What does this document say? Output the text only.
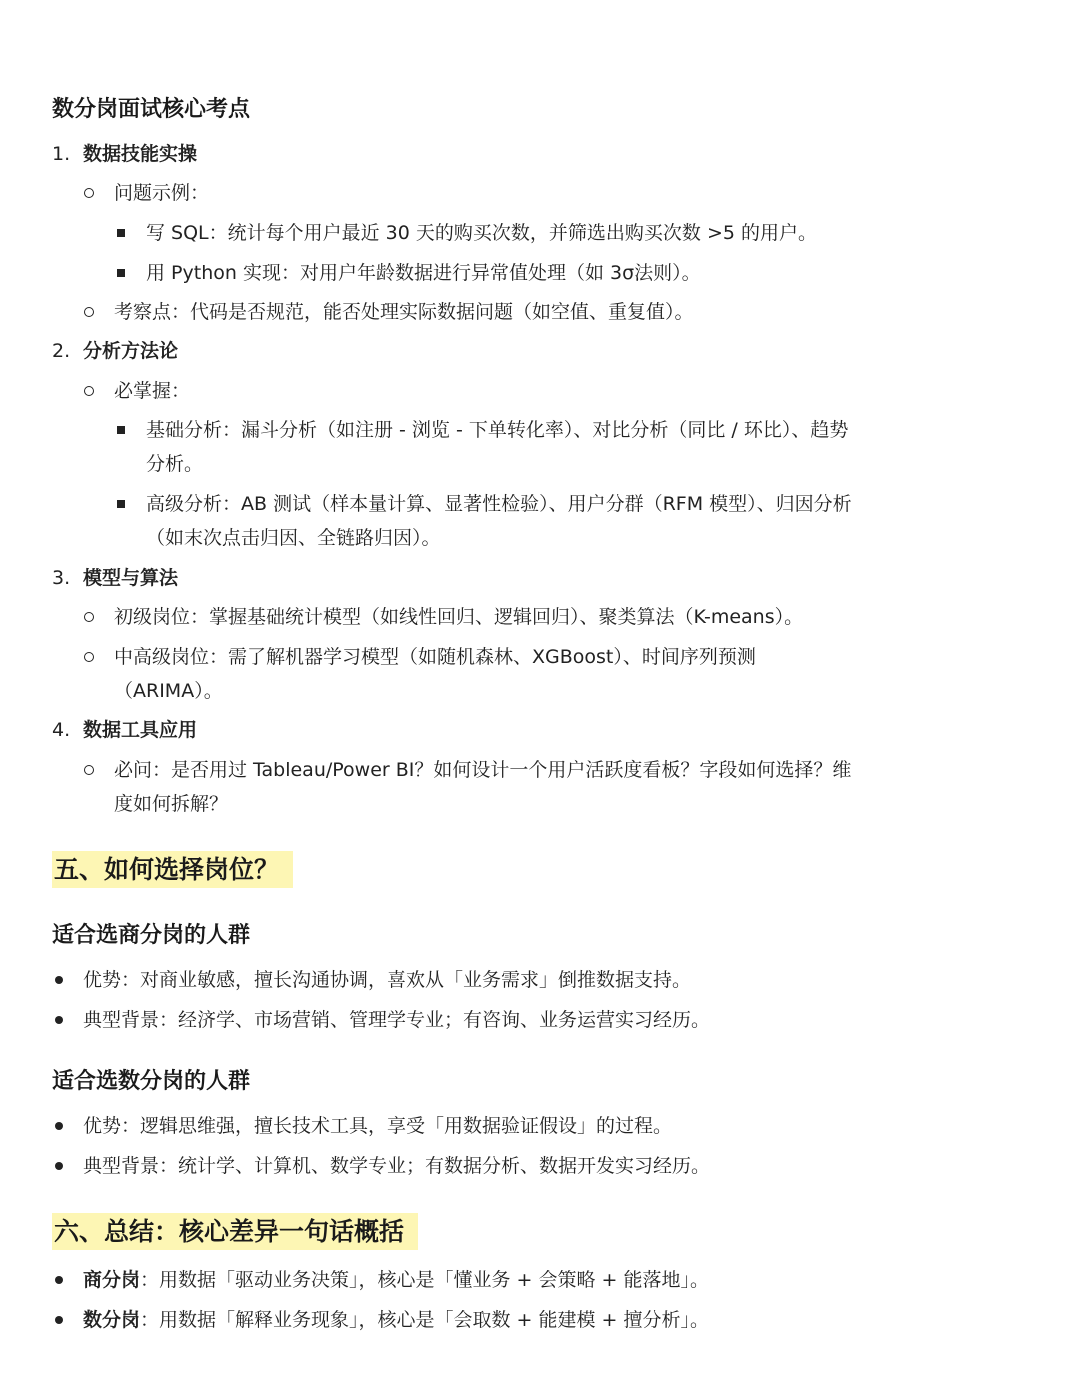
数分岗面试核心考点
1. 数据技能实操
问题示例：
写 SQL：统计每个用户最近 30 天的购买次数，并筛选出购买次数 >5 的用户。
用 Python 实现：对用户年龄数据进行异常值处理（如 3σ法则）。
考察点：代码是否规范，能否处理实际数据问题（如空值、重复值）。
2. 分析方法论
必掌握：
基础分析：漏斗分析（如注册 - 浏览 - 下单转化率）、对比分析（同比 / 环比）、趋势
分析。
高级分析：AB 测试（样本量计算、显著性检验）、用户分群（RFM 模型）、归因分析
（如末次点击归因、全链路归因）。
3. 模型与算法
初级岗位：掌握基础统计模型（如线性回归、逻辑回归）、聚类算法（K-means）。
中高级岗位：需了解机器学习模型（如随机森林、XGBoost）、时间序列预测
（ARIMA）。
4. 数据工具应用
必问：是否用过 Tableau/Power BI？如何设计一个用户活跃度看板？字段如何选择？维
度如何拆解？
五、如何选择岗位？
适合选商分岗的人群
优势：对商业敏感，擅长沟通协调，喜欢从「业务需求」倒推数据支持。
典型背景：经济学、市场营销、管理学专业；有咨询、业务运营实习经历。
适合选数分岗的人群
优势：逻辑思维强，擅长技术工具，享受「用数据验证假设」的过程。
典型背景：统计学、计算机、数学专业；有数据分析、数据开发实习经历。
六、总结：核心差异一句话概括
商分岗：用数据「驱动业务决策」，核心是「懂业务 + 会策略 + 能落地」。
数分岗：用数据「解释业务现象」，核心是「会取数 + 能建模 + 擅分析」。
